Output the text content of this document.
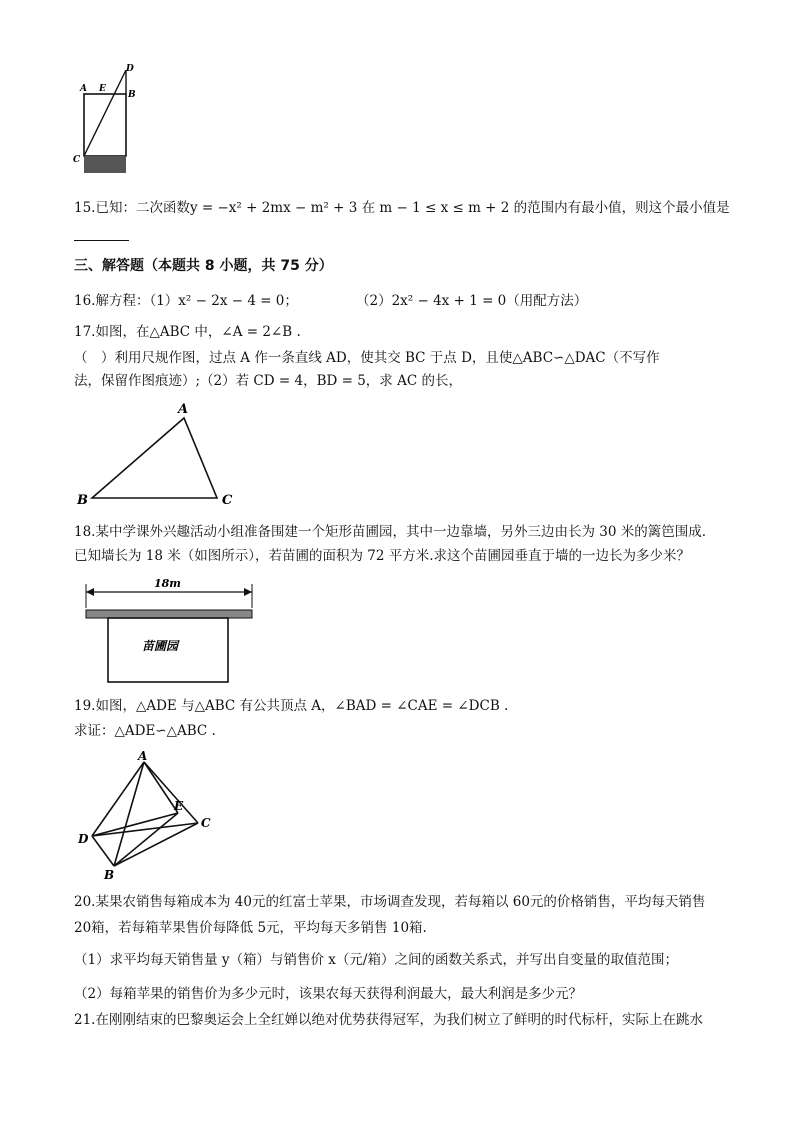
A E
B
C
D
15.已知：二次函数y = −x² + 2mx − m² + 3 在 m − 1 ≤ x ≤ m + 2 的范围内有最小值，则这个最小值是
三、解答题（本题共 8 小题，共 75 分）
16.解方程：（1）x² − 2x − 4 = 0；	（2）2x² − 4x + 1 = 0（用配方法）
17.如图，在△ABC 中，∠A = 2∠B .
（　）利用尺规作图，过点 A 作一条直线 AD，使其交 BC 于点 D，且使△ABC∽△DAC（不写作
法，保留作图痕迹）;（2）若 CD = 4，BD = 5，求 AC 的长，
A
B	C
18.某中学课外兴趣活动小组准备围建一个矩形苗圃园，其中一边靠墙，另外三边由长为 30 米的篱笆围成.
已知墙长为 18 米（如图所示），若苗圃的面积为 72 平方米.求这个苗圃园垂直于墙的一边长为多少米？
18m
苗圃园
19.如图，△ADE 与△ABC 有公共顶点 A，∠BAD = ∠CAE = ∠DCB .
求证：△ADE∽△ABC .
A
E
C
D
B
20.某果农销售每箱成本为 40元的红富士苹果，市场调查发现，若每箱以 60元的价格销售，平均每天销售
20箱，若每箱苹果售价每降低 5元，平均每天多销售 10箱.
（1）求平均每天销售量 y（箱）与销售价 x（元/箱）之间的函数关系式，并写出自变量的取值范围；
（2）每箱苹果的销售价为多少元时，该果农每天获得利润最大，最大利润是多少元？
21.在刚刚结束的巴黎奥运会上全红婵以绝对优势获得冠军，为我们树立了鲜明的时代标杆，实际上在跳水
